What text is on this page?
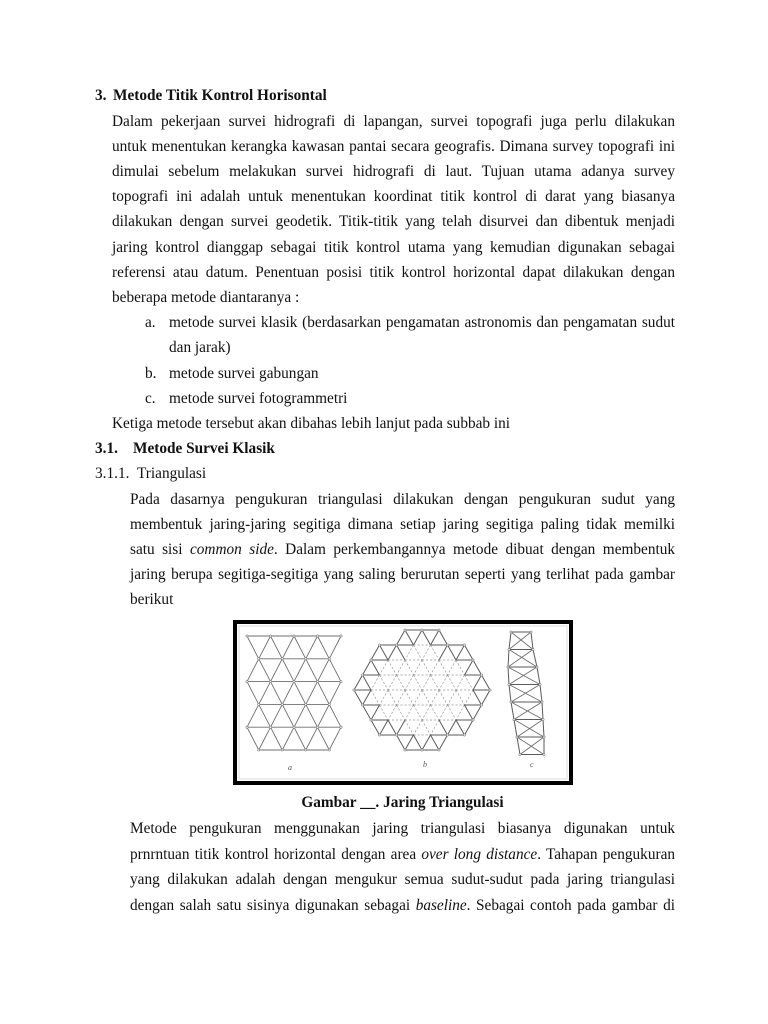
3. Metode Titik Kontrol Horisontal
Dalam pekerjaan survei hidrografi di lapangan, survei topografi juga perlu dilakukan
untuk menentukan kerangka kawasan pantai secara geografis. Dimana survey topografi ini
dimulai sebelum melakukan survei hidrografi di laut. Tujuan utama adanya survey
topografi ini adalah untuk menentukan koordinat titik kontrol di darat yang biasanya
dilakukan dengan survei geodetik. Titik-titik yang telah disurvei dan dibentuk menjadi
jaring kontrol dianggap sebagai titik kontrol utama yang kemudian digunakan sebagai
referensi atau datum. Penentuan posisi titik kontrol horizontal dapat dilakukan dengan
beberapa metode diantaranya :
a. metode survei klasik (berdasarkan pengamatan astronomis dan pengamatan sudut
dan jarak)
b. metode survei gabungan
c. metode survei fotogrammetri
Ketiga metode tersebut akan dibahas lebih lanjut pada subbab ini
3.1. Metode Survei Klasik
3.1.1. Triangulasi
Pada dasarnya pengukuran triangulasi dilakukan dengan pengukuran sudut yang
membentuk jaring-jaring segitiga dimana setiap jaring segitiga paling tidak memilki
satu sisi common side. Dalam perkembangannya metode dibuat dengan membentuk
jaring berupa segitiga-segitiga yang saling berurutan seperti yang terlihat pada gambar
berikut
a	b	c
Gambar __. Jaring Triangulasi
Metode pengukuran menggunakan jaring triangulasi biasanya digunakan untuk
prnrntuan titik kontrol horizontal dengan area over long distance. Tahapan pengukuran
yang dilakukan adalah dengan mengukur semua sudut-sudut pada jaring triangulasi
dengan salah satu sisinya digunakan sebagai baseline. Sebagai contoh pada gambar di
